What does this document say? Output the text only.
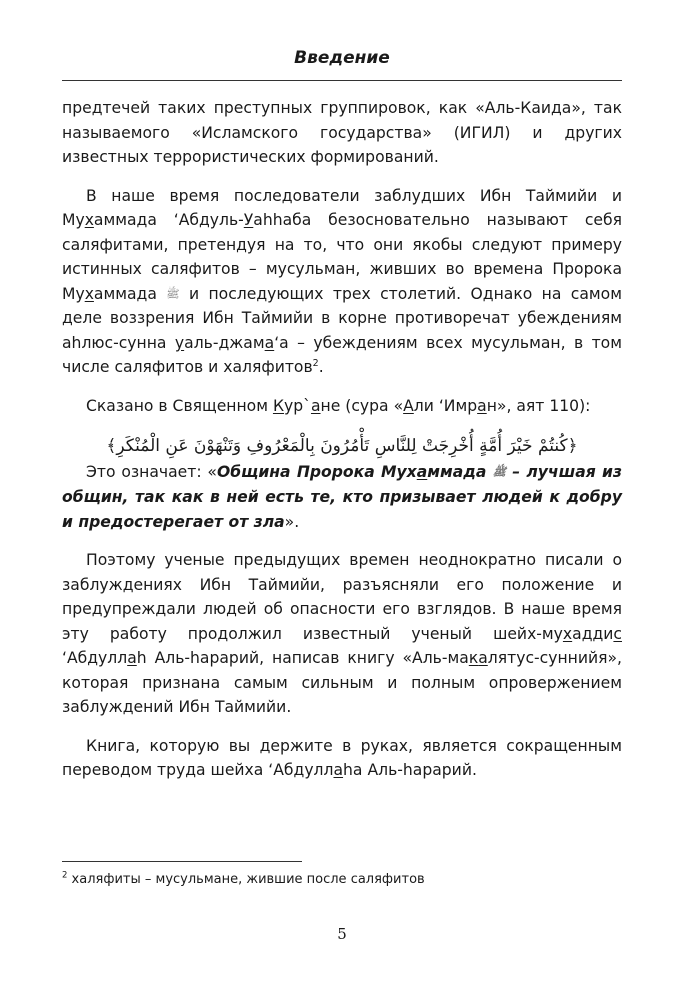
Введение

предтечей таких преступных группировок, как «Аль-Каида», так называемого «Исламского государства» (ИГИЛ) и других известных террористических формирований.

В наше время последователи заблудших Ибн Таймийи и Мухаммада ‘Абдуль-Уаhhаба безосновательно называют себя саляфитами, претендуя на то, что они якобы следуют примеру истинных саляфитов – мусульман, живших во времена Пророка Мухаммада ﷺ и последующих трех столетий. Однако на самом деле воззрения Ибн Таймийи в корне противоречат убеждениям аhлюс-сунна уаль-джама‘а – убеждениям всех мусульман, в том числе саляфитов и халяфитов$^2$.

Сказано в Священном Кур`ане (сура «Али ‘Имран», аят 110):

﴿كُنتُمْ خَيْرَ أُمَّةٍ أُخْرِجَتْ لِلنَّاسِ تَأْمُرُونَ بِالْمَعْرُوفِ وَتَنْهَوْنَ عَنِ الْمُنْكَرِ﴾

Это означает: «Община Пророка Мухаммада ﷺ – лучшая из общин, так как в ней есть те, кто призывает людей к добру и предостерегает от зла».

Поэтому ученые предыдущих времен неоднократно писали о заблуждениях Ибн Таймийи, разъясняли его положение и предупреждали людей об опасности его взглядов. В наше время эту работу продолжил известный ученый шейх-мухаддис ‘Абдуллаh Аль-hарарий, написав книгу «Аль-макалятус-суннийя», которая признана самым сильным и полным опровержением заблуждений Ибн Таймийи.

Книга, которую вы держите в руках, является сокращенным переводом труда шейха ‘Абдуллаhа Аль-hарарий.

$^2$ халяфиты – мусульмане, жившие после саляфитов
5
